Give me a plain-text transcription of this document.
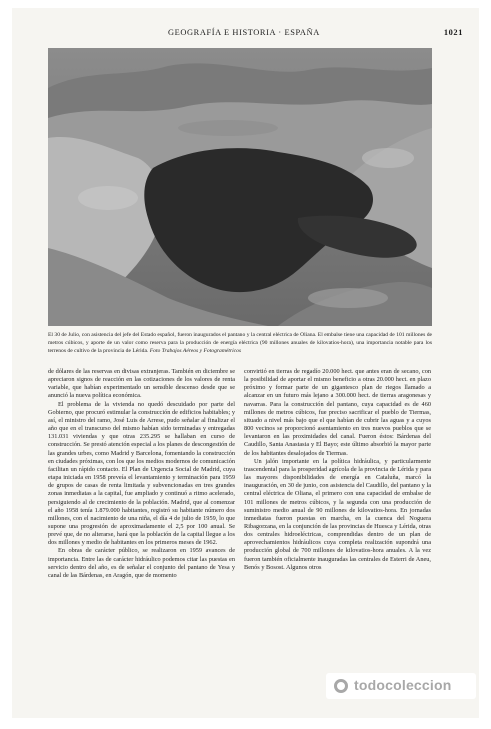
GEOGRAFÍA E HISTORIA · ESPAÑA	1021
El 30 de Julio, con asistencia del jefe del Estado español, fueron inaugurados el pantano y la central eléctrica de Oliana. El embalse tiene una capacidad de 101 millones de metros cúbicos, y aporte de un valor como reserva para la producción de energía eléctrica (90 millones anuales de kilovatios-hora), una importancia notable para los terrenos de cultivo de la provincia de Lérida. Foto Trabajos Aéreos y Fotogramétricos

de dólares de las reservas en divisas extranjeras. También en diciembre se apreciaron signos de reacción en las cotizaciones de los valores de renta variable, que habían experimentado un sensible descenso desde que se anunció la nueva política económica.

El problema de la vivienda no quedó descuidado por parte del Gobierno, que procuró estimular la construcción de edificios habitables; y así, el ministro del ramo, José Luis de Arrese, pudo señalar al finalizar el año que en el transcurso del mismo habían sido terminadas y entregadas 131.031 viviendas y que otras 235.295 se hallaban en curso de construcción. Se prestó atención especial a los planes de descongestión de las grandes urbes, como Madrid y Barcelona, fomentando la construcción en ciudades próximas, con los que los medios modernos de comunicación facilitan un rápido contacto. El Plan de Urgencia Social de Madrid, cuya etapa iniciada en 1958 preveía el levantamiento y terminación para 1959 de grupos de casas de renta limitada y subvencionadas en tres grandes zonas inmediatas a la capital, fue ampliado y continuó a ritmo acelerado, persiguiendo al de crecimiento de la población. Madrid, que al comenzar el año 1958 tenía 1.879.000 habitantes, registró su habitante número dos millones, con el nacimiento de una niña, el día 4 de julio de 1959, lo que supone una progresión de aproximadamente el 2,5 por 100 anual. Se prevé que, de no alterarse, hará que la población de la capital llegue a los dos millones y medio de habitantes en los primeros meses de 1962.

En obras de carácter público, se realizaron en 1959 avances de importancia. Entre las de carácter hidráulico podemos citar las puestas en servicio dentro del año, es de señalar el conjunto del pantano de Yesa y canal de las Bárdenas, en Aragón, que de momento

convirtió en tierras de regadío 20.000 hect. que antes eran de secano, con la posibilidad de aportar el mismo beneficio a otras 20.000 hect. en plazo próximo y formar parte de un gigantesco plan de riegos llamado a alcanzar en un futuro más lejano a 300.000 hect. de tierras aragonesas y navarras. Para la construcción del pantano, cuya capacidad es de 460 millones de metros cúbicos, fue preciso sacrificar el pueblo de Tiermas, situado a nivel más bajo que el que habían de cubrir las aguas y a cuyos 800 vecinos se proporcionó asentamiento en tres nuevos pueblos que se levantaron en las proximidades del canal. Fueron éstos: Bárdenas del Caudillo, Santa Anastasia y El Bayo; este último absorbió la mayor parte de los habitantes desalojados de Tiermas.

Un jalón importante en la política hidráulica, y particularmente trascendental para la prosperidad agrícola de la provincia de Lérida y para las mayores disponibilidades de energía en Cataluña, marcó la inauguración, en 30 de junio, con asistencia del Caudillo, del pantano y la central eléctrica de Oliana, el primero con una capacidad de embalse de 101 millones de metros cúbicos, y la segunda con una producción de suministro medio anual de 90 millones de kilovatios-hora. En jornadas inmediatas fueron puestas en marcha, en la cuenca del Noguera Ribagorzana, en la conjunción de las provincias de Huesca y Lérida, otras dos centrales hidroeléctricas, comprendidas dentro de un plan de aprovechamientos hidráulicos cuya completa realización supondrá una producción global de 700 millones de kilovatios-hora anuales. A la vez fueron también oficialmente inauguradas las centrales de Esterri de Aneu, Benós y Bosost. Algunos otros

todocoleccion
